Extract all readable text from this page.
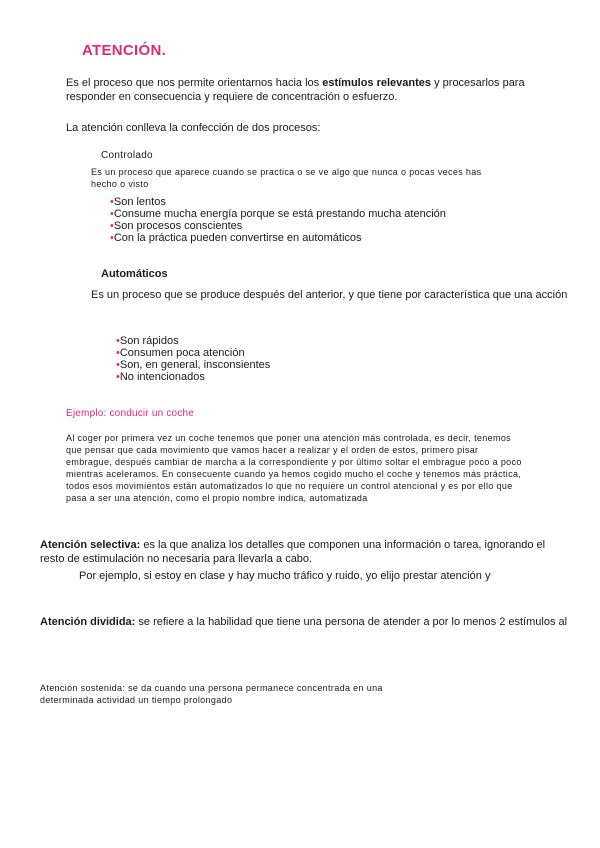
ATENCIÓN.
Es el proceso que nos permite orientarnos hacia los estímulos relevantes y procesarlos para
responder en consecuencia y requiere de concentración o esfuerzo.
La atención conlleva la confección de dos procesos:
Controlado
Es un proceso que aparece cuando se practica o se ve algo que nunca o pocas veces has
hecho o visto
•Son lentos
•Consume mucha energía porque se está prestando mucha atención
•Son procesos conscientes
•Con la práctica pueden convertirse en automáticos
Automáticos
Es un proceso que se produce después del anterior, y que tiene por característica que una acción
•Son rápidos
•Consumen poca atención
•Son, en general, insconsientes
•No intencionados
Ejemplo: conducir un coche
Al coger por primera vez un coche tenemos que poner una atención más controlada, es decir, tenemos
que pensar que cada movimiento que vamos hacer a realizar y el orden de estos, primero pisar
embrague, después cambiar de marcha a la correspondiente y por último soltar el embrague poco a poco
mientras aceleramos. En consecuente cuando ya hemos cogido mucho el coche y tenemos más práctica,
todos esos movimientos están automatizados lo que no requiere un control atencional y es por ello que
pasa a ser una atención, como el propio nombre indica, automatizada
Atención selectiva: es la que analiza los detalles que componen una información o tarea, ignorando el
resto de estimulación no necesaria para llevarla a cabo.
Por ejemplo, si estoy en clase y hay mucho tráfico y ruido, yo elijo prestar atención y
Atención dividida: se refiere a la habilidad que tiene una persona de atender a por lo menos 2 estímulos al
Atención sostenida: se da cuando una persona permanece concentrada en una
determinada actividad un tiempo prolongado
